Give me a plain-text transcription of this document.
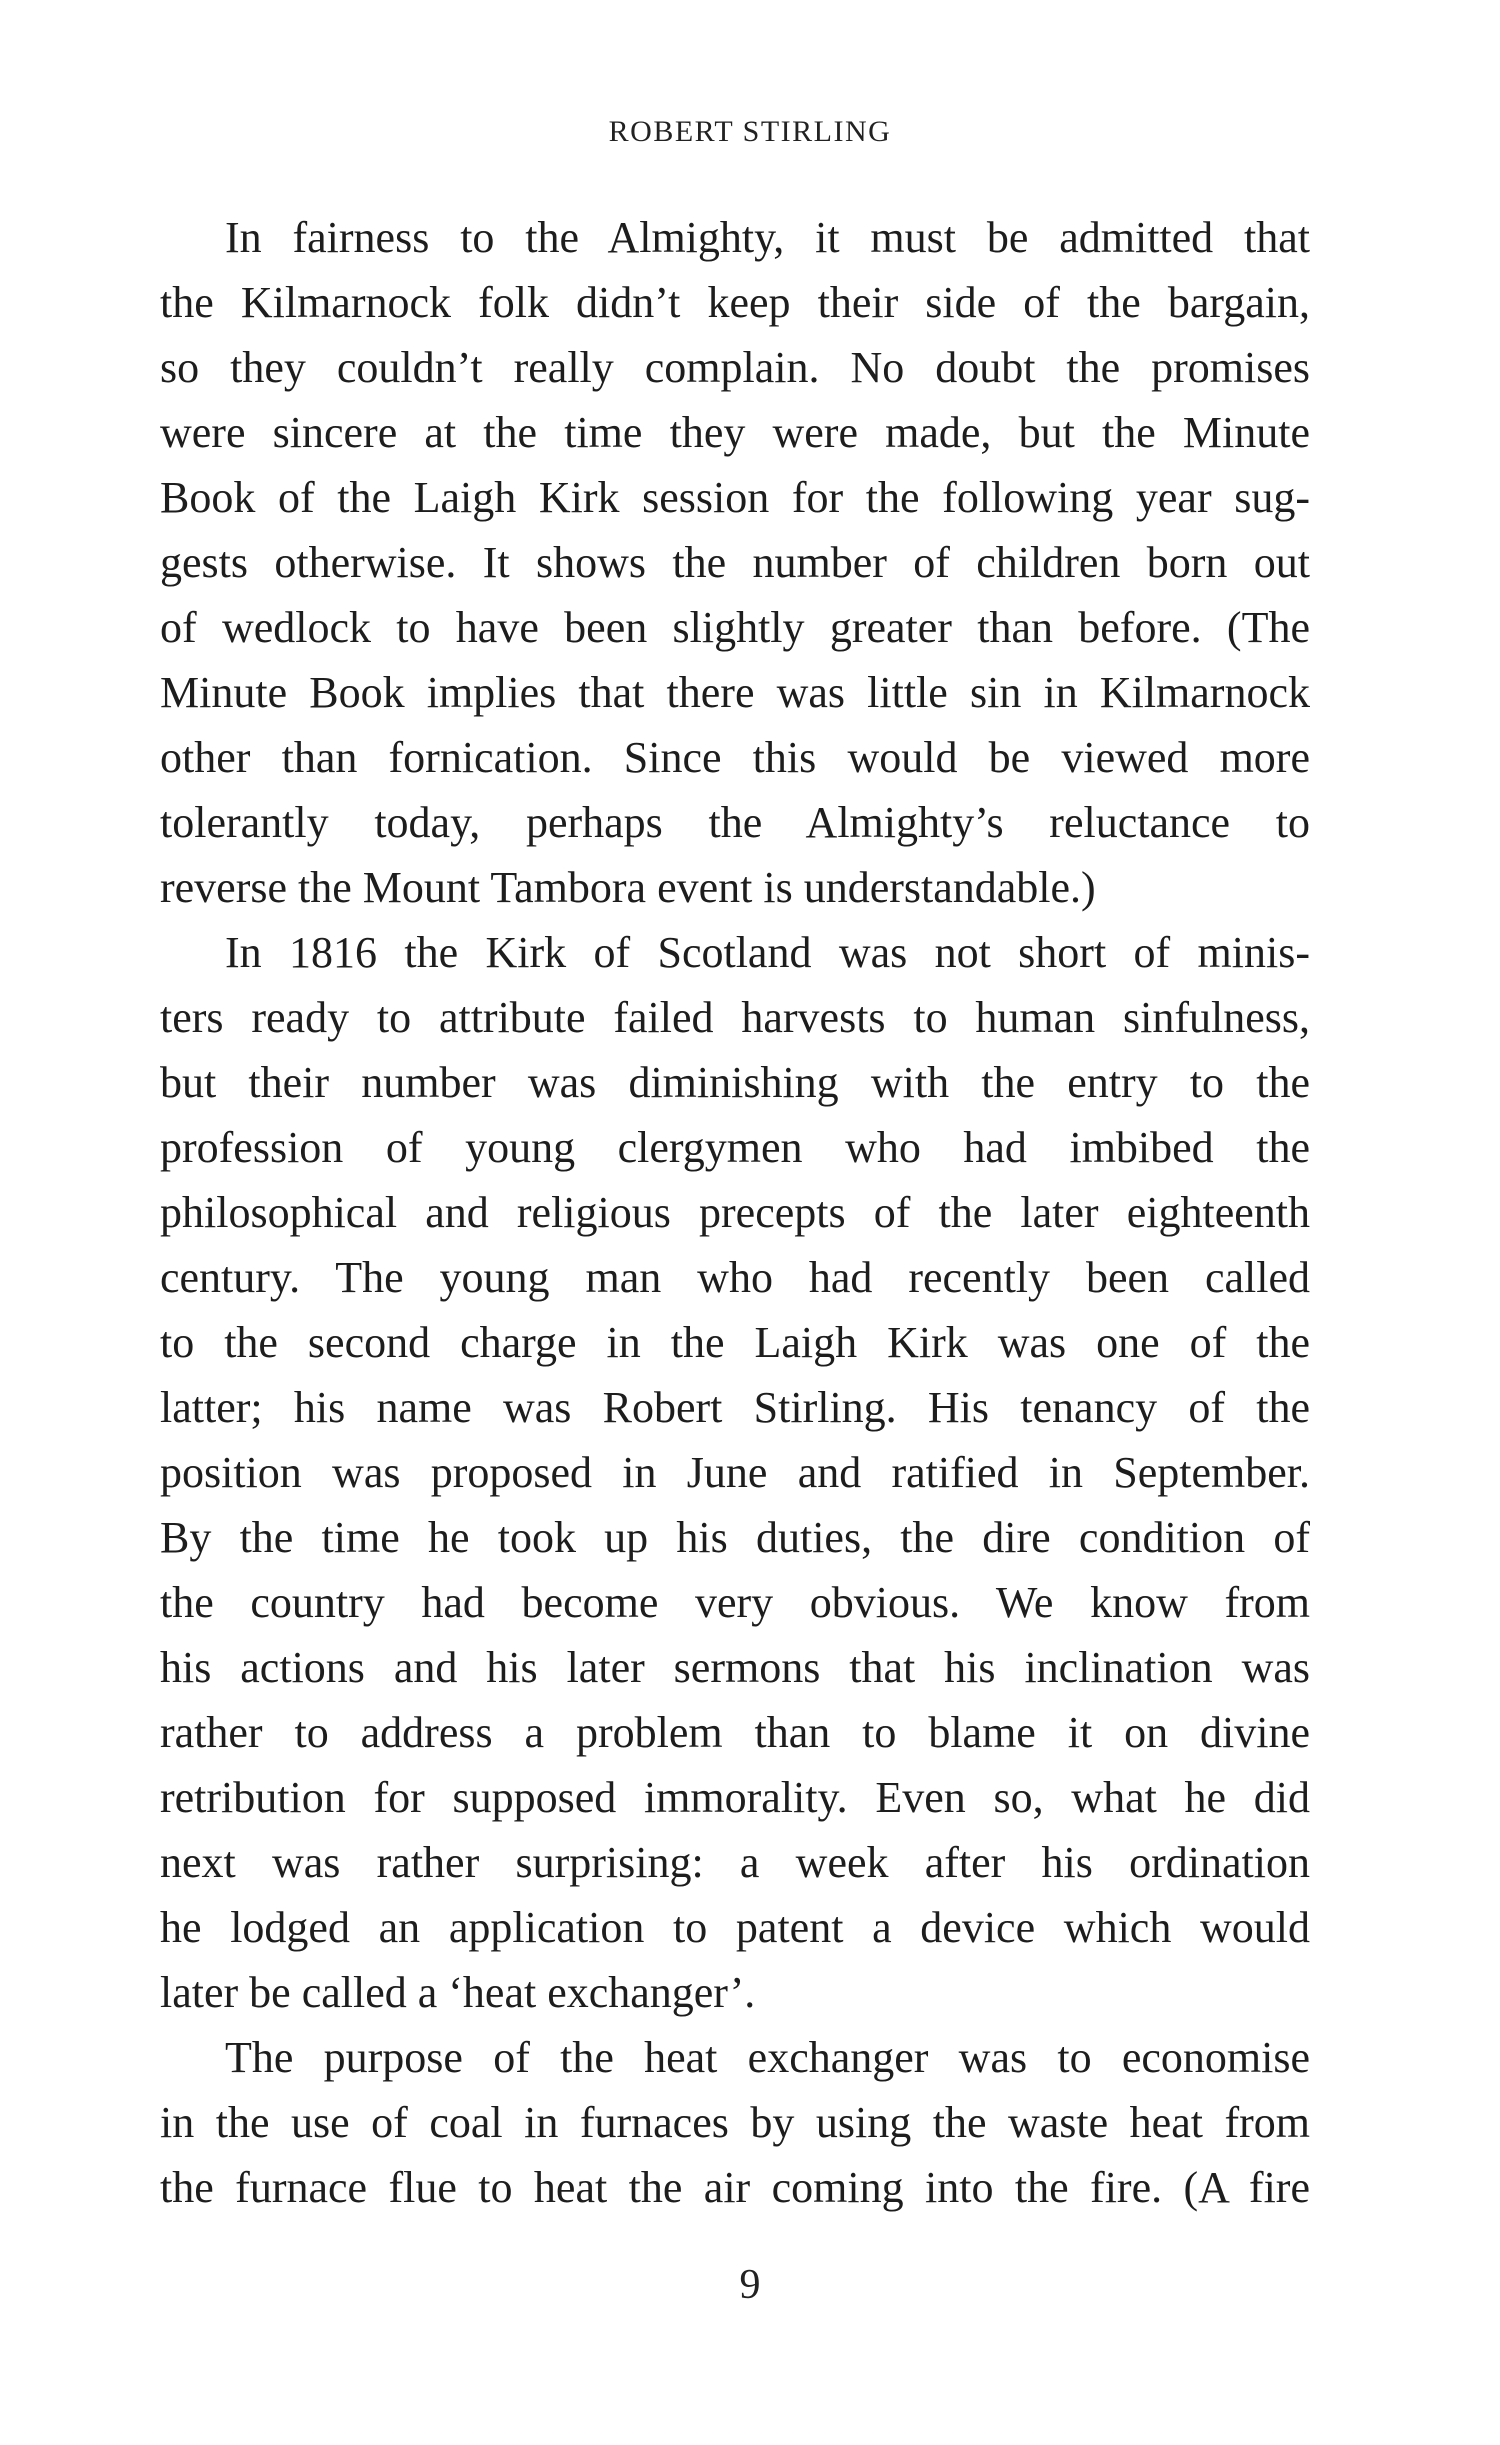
ROBERT STIRLING
In fairness to the Almighty, it must be admitted that
the Kilmarnock folk didn’t keep their side of the bargain,
so they couldn’t really complain. No doubt the promises
were sincere at the time they were made, but the Minute
Book of the Laigh Kirk session for the following year sug-
gests otherwise. It shows the number of children born out
of wedlock to have been slightly greater than before. (The
Minute Book implies that there was little sin in Kilmarnock
other than fornication. Since this would be viewed more
tolerantly today, perhaps the Almighty’s reluctance to
reverse the Mount Tambora event is understandable.)
In 1816 the Kirk of Scotland was not short of minis-
ters ready to attribute failed harvests to human sinfulness,
but their number was diminishing with the entry to the
profession of young clergymen who had imbibed the
philosophical and religious precepts of the later eighteenth
century. The young man who had recently been called
to the second charge in the Laigh Kirk was one of the
latter; his name was Robert Stirling. His tenancy of the
position was proposed in June and ratified in September.
By the time he took up his duties, the dire condition of
the country had become very obvious. We know from
his actions and his later sermons that his inclination was
rather to address a problem than to blame it on divine
retribution for supposed immorality. Even so, what he did
next was rather surprising: a week after his ordination
he lodged an application to patent a device which would
later be called a ‘heat exchanger’.
The purpose of the heat exchanger was to economise
in the use of coal in furnaces by using the waste heat from
the furnace flue to heat the air coming into the fire. (A fire
9
